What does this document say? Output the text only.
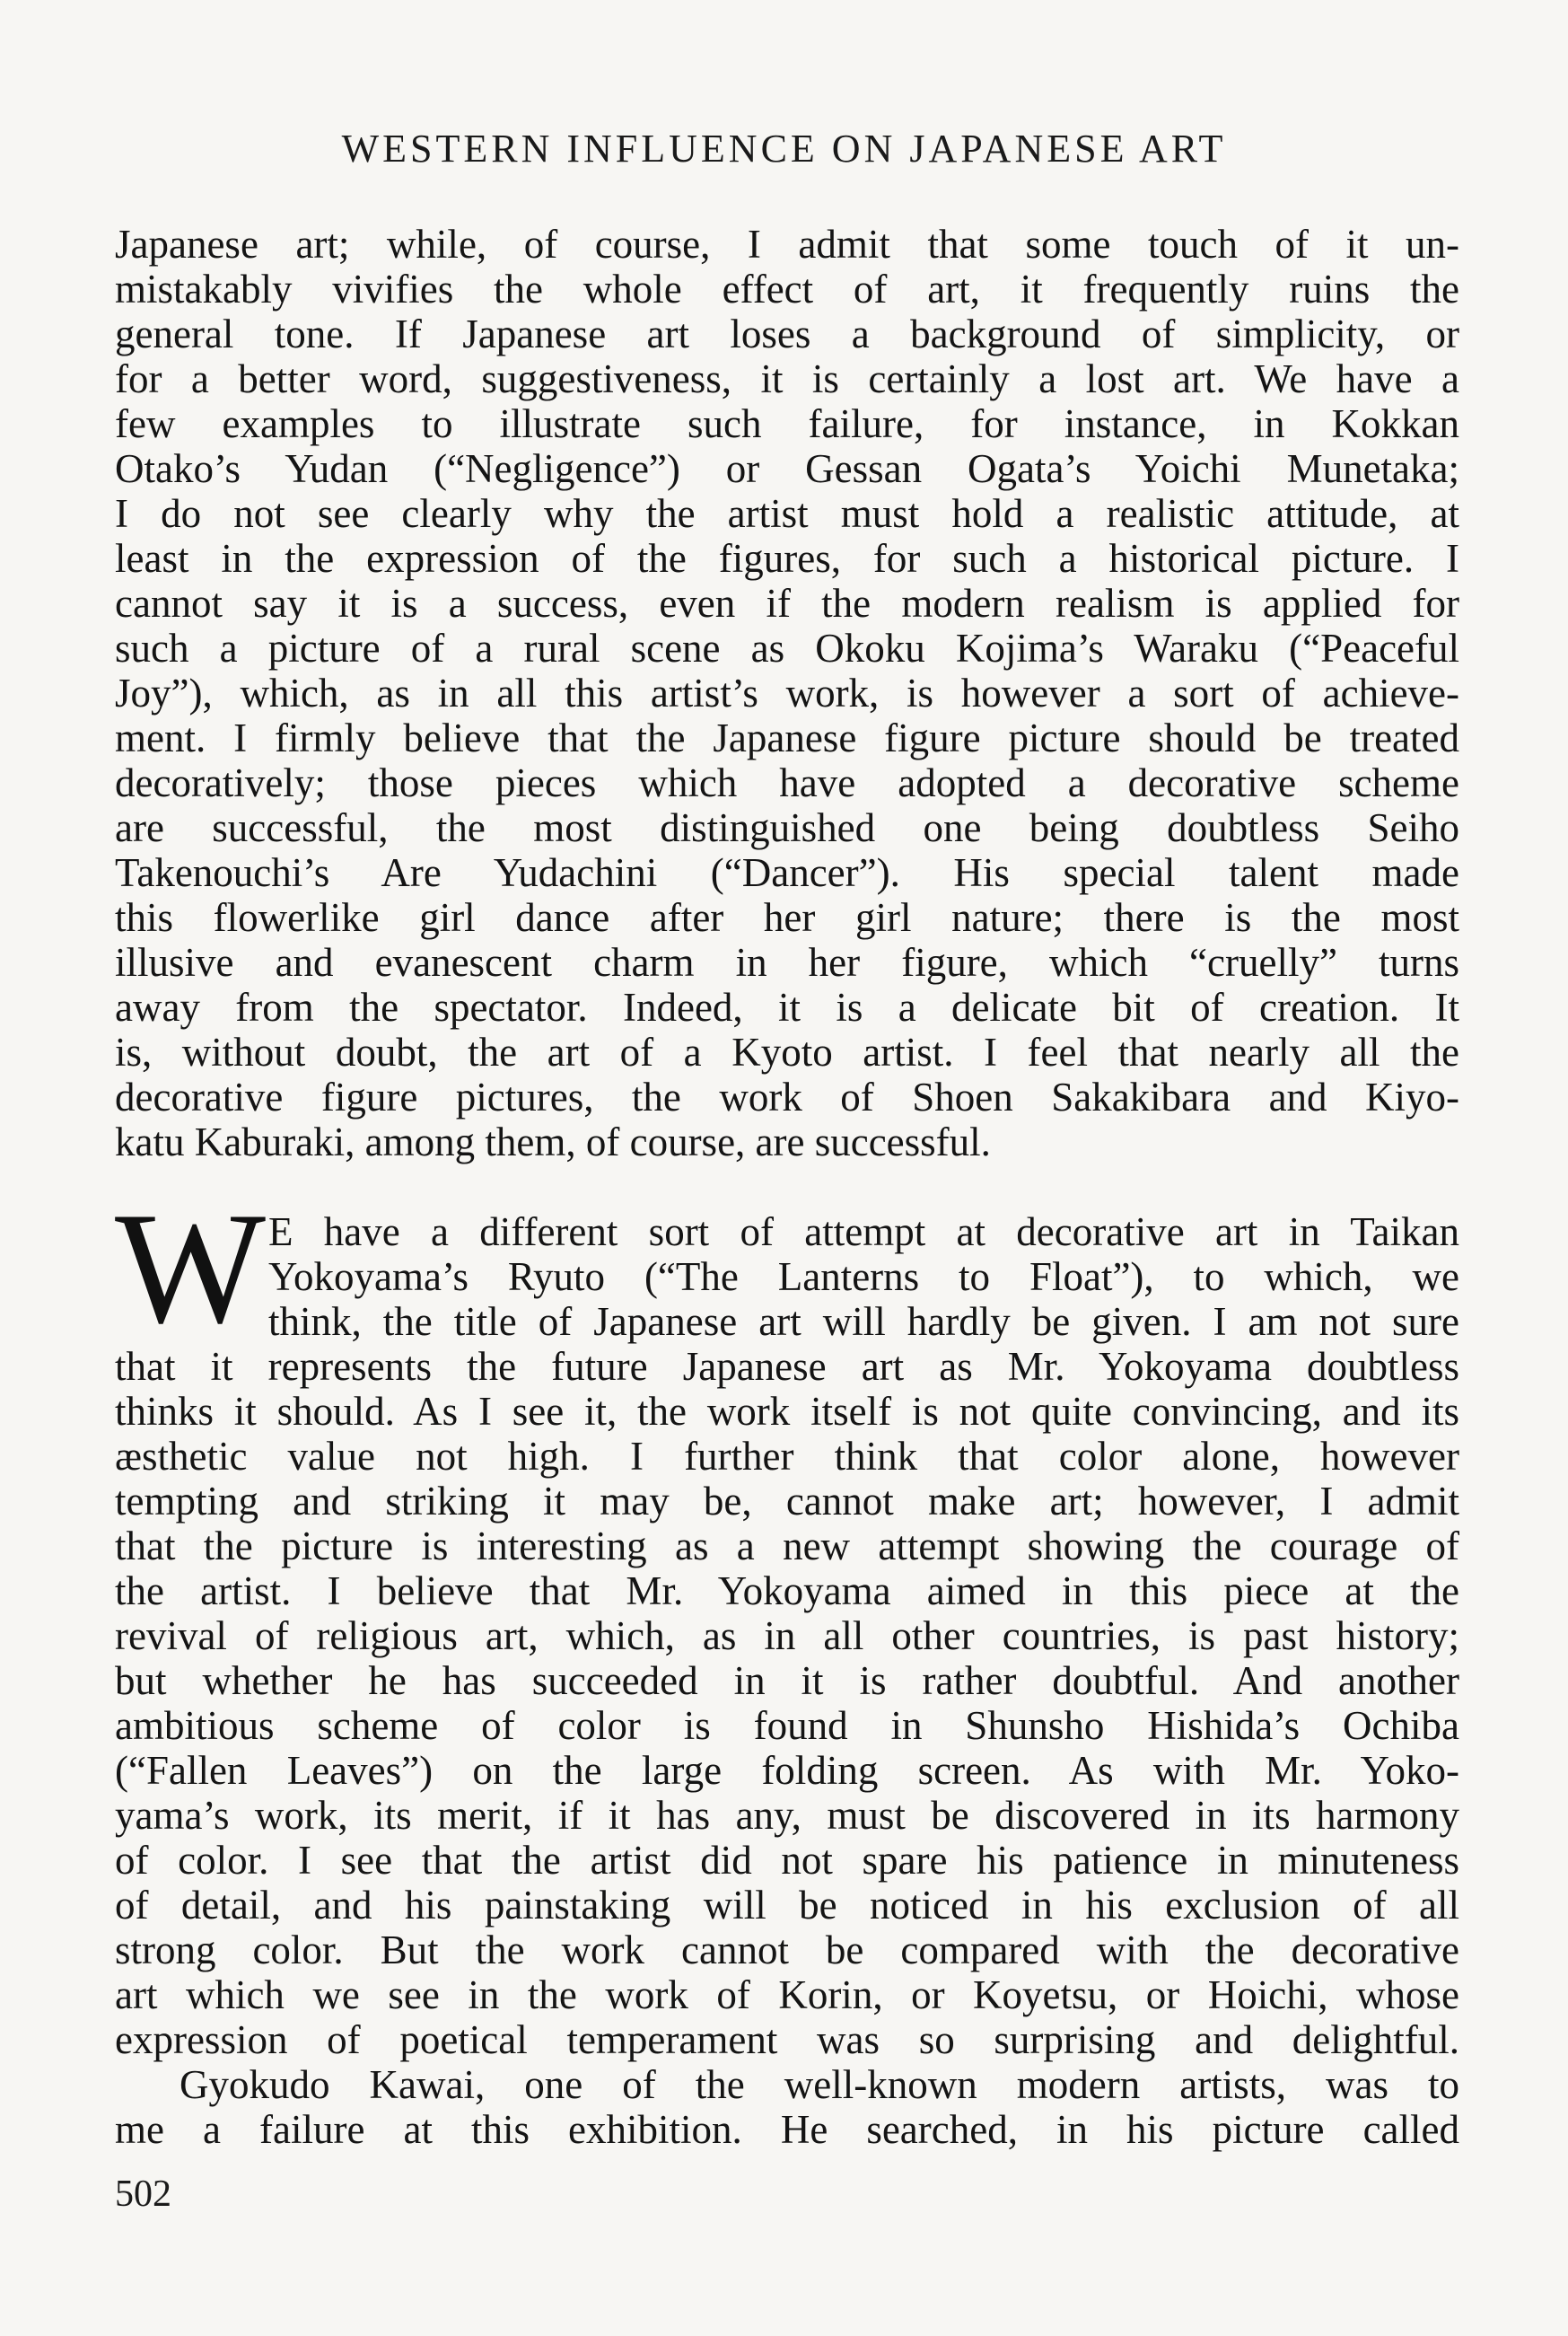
WESTERN INFLUENCE ON JAPANESE ART
Japanese art; while, of course, I admit that some touch of it un-
mistakably vivifies the whole effect of art, it frequently ruins the
general tone. If Japanese art loses a background of simplicity, or
for a better word, suggestiveness, it is certainly a lost art. We have a
few examples to illustrate such failure, for instance, in Kokkan
Otako’s Yudan (“Negligence”) or Gessan Ogata’s Yoichi Munetaka;
I do not see clearly why the artist must hold a realistic attitude, at
least in the expression of the figures, for such a historical picture. I
cannot say it is a success, even if the modern realism is applied for
such a picture of a rural scene as Okoku Kojima’s Waraku (“Peaceful
Joy”), which, as in all this artist’s work, is however a sort of achieve-
ment. I firmly believe that the Japanese figure picture should be treated
decoratively; those pieces which have adopted a decorative scheme
are successful, the most distinguished one being doubtless Seiho
Takenouchi’s Are Yudachini (“Dancer”). His special talent made
this flowerlike girl dance after her girl nature; there is the most
illusive and evanescent charm in her figure, which “cruelly” turns
away from the spectator. Indeed, it is a delicate bit of creation. It
is, without doubt, the art of a Kyoto artist. I feel that nearly all the
decorative figure pictures, the work of Shoen Sakakibara and Kiyo-
katu Kaburaki, among them, of course, are successful.
W E have a different sort of attempt at decorative art in Taikan
Yokoyama’s Ryuto (“The Lanterns to Float”), to which, we
think, the title of Japanese art will hardly be given. I am not sure
that it represents the future Japanese art as Mr. Yokoyama doubtless
thinks it should. As I see it, the work itself is not quite convincing, and its
æsthetic value not high. I further think that color alone, however
tempting and striking it may be, cannot make art; however, I admit
that the picture is interesting as a new attempt showing the courage of
the artist. I believe that Mr. Yokoyama aimed in this piece at the
revival of religious art, which, as in all other countries, is past history;
but whether he has succeeded in it is rather doubtful. And another
ambitious scheme of color is found in Shunsho Hishida’s Ochiba
(“Fallen Leaves”) on the large folding screen. As with Mr. Yoko-
yama’s work, its merit, if it has any, must be discovered in its harmony
of color. I see that the artist did not spare his patience in minuteness
of detail, and his painstaking will be noticed in his exclusion of all
strong color. But the work cannot be compared with the decorative
art which we see in the work of Korin, or Koyetsu, or Hoichi, whose
expression of poetical temperament was so surprising and delightful.
Gyokudo Kawai, one of the well-known modern artists, was to
me a failure at this exhibition. He searched, in his picture called
502
